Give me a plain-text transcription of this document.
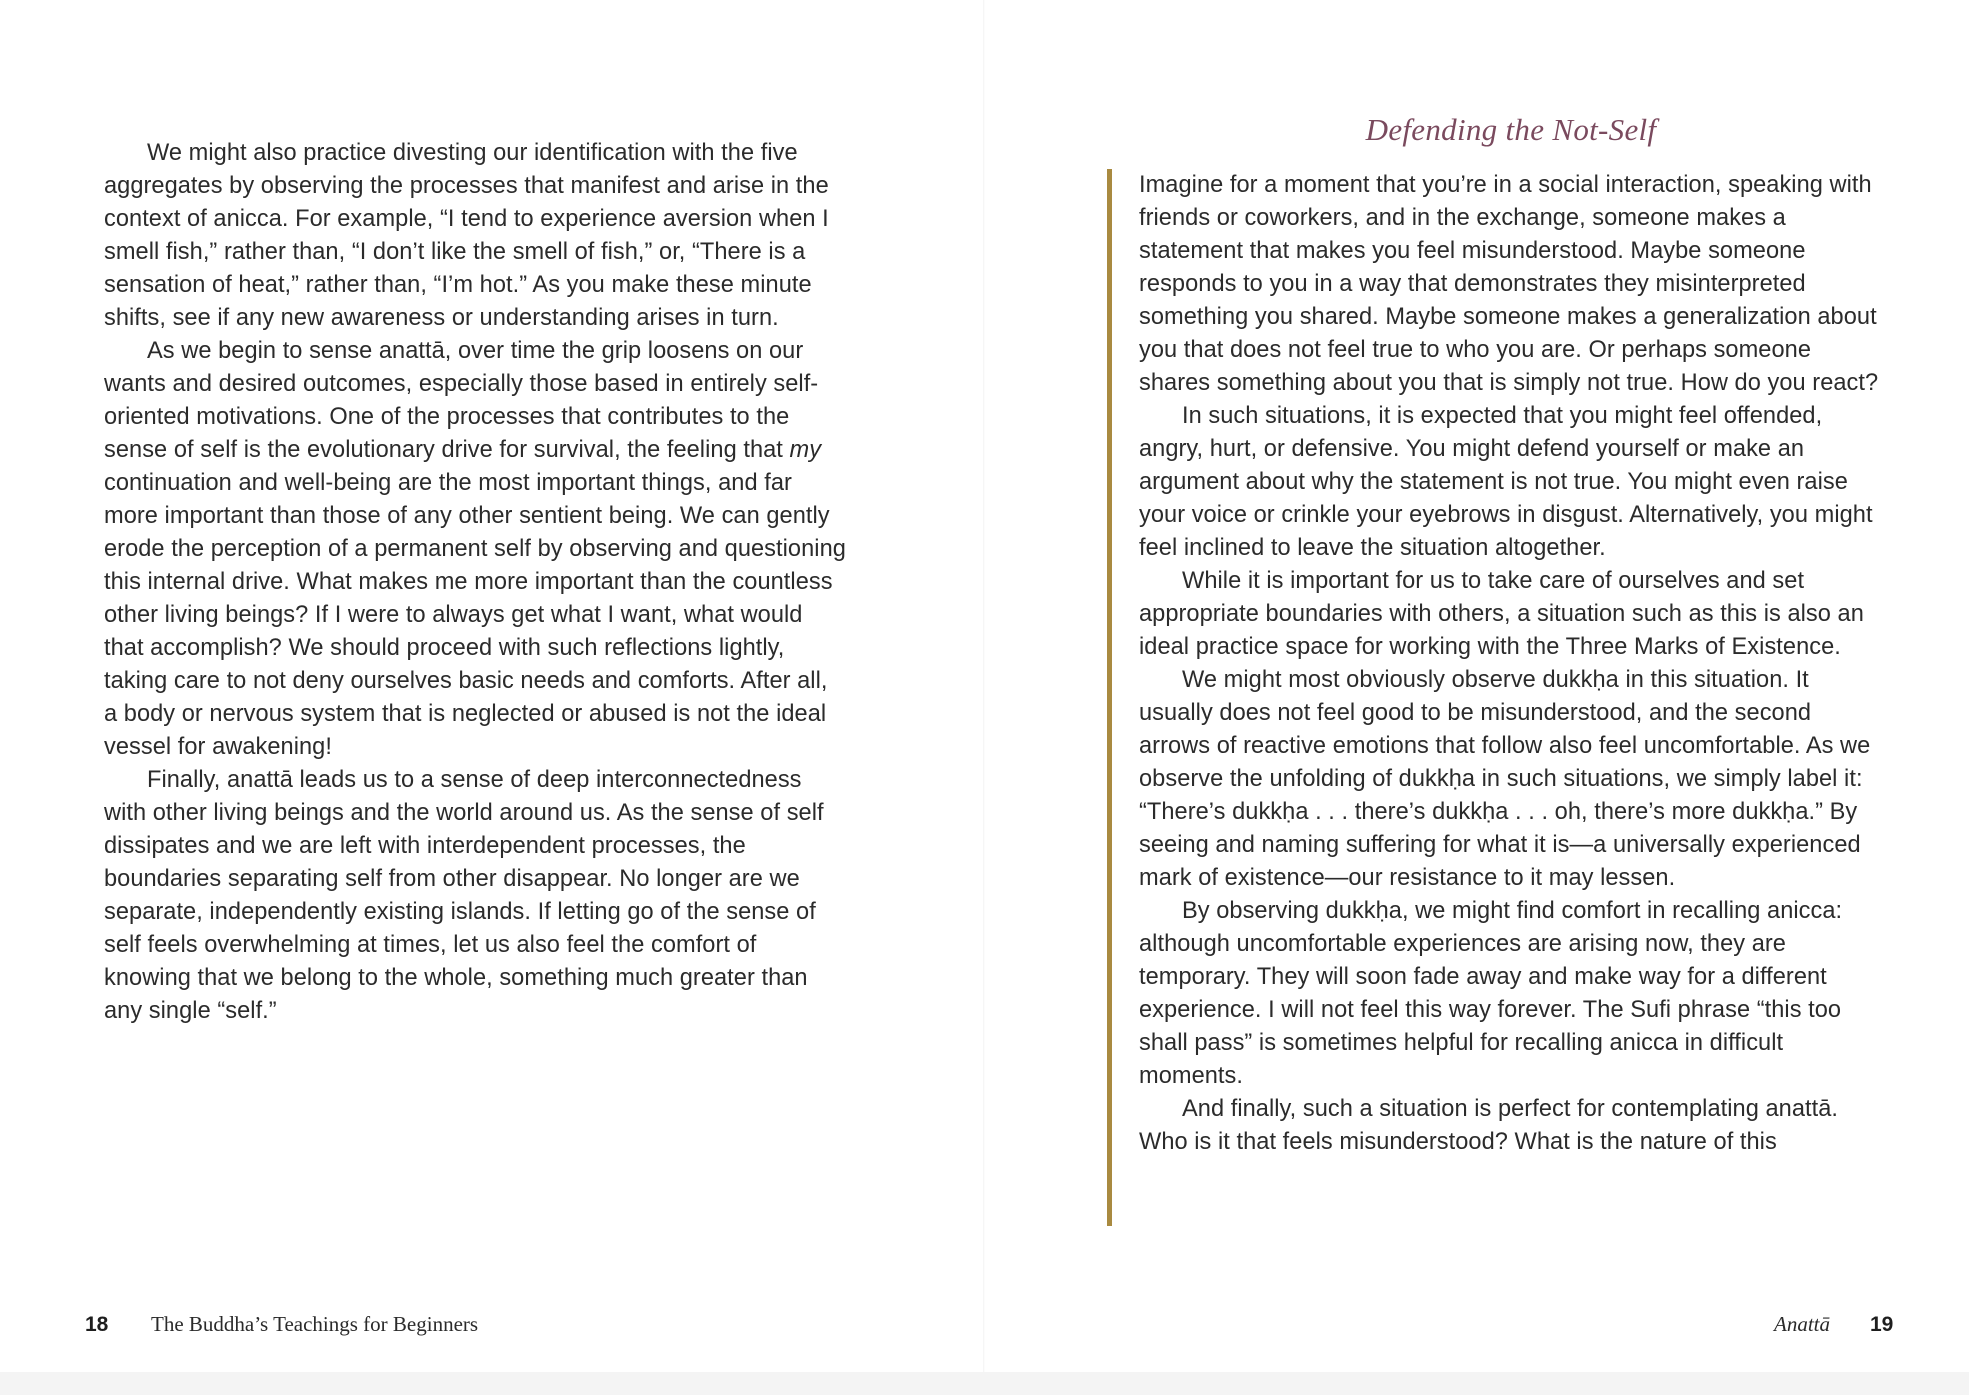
We might also practice divesting our identification with the five aggregates by observing the processes that manifest and arise in the context of anicca. For example, “I tend to experience aversion when I smell fish,” rather than, “I don’t like the smell of fish,” or, “There is a sensation of heat,” rather than, “I’m hot.” As you make these minute shifts, see if any new awareness or understanding arises in turn.

As we begin to sense anattā, over time the grip loosens on our wants and desired outcomes, especially those based in entirely self-oriented motivations. One of the processes that contributes to the sense of self is the evolutionary drive for survival, the feeling that my continuation and well-being are the most important things, and far more important than those of any other sentient being. We can gently erode the perception of a permanent self by observing and questioning this internal drive. What makes me more important than the countless other living beings? If I were to always get what I want, what would that accomplish? We should proceed with such reflections lightly, taking care to not deny ourselves basic needs and comforts. After all, a body or nervous system that is neglected or abused is not the ideal vessel for awakening!

Finally, anattā leads us to a sense of deep interconnectedness with other living beings and the world around us. As the sense of self dissipates and we are left with interdependent processes, the boundaries separating self from other disappear. No longer are we separate, independently existing islands. If letting go of the sense of self feels overwhelming at times, let us also feel the comfort of knowing that we belong to the whole, something much greater than any single “self.”

Defending the Not-Self

Imagine for a moment that you’re in a social interaction, speaking with friends or coworkers, and in the exchange, someone makes a statement that makes you feel misunderstood. Maybe someone responds to you in a way that demonstrates they misinterpreted something you shared. Maybe someone makes a generalization about you that does not feel true to who you are. Or perhaps someone shares something about you that is simply not true. How do you react?

In such situations, it is expected that you might feel offended, angry, hurt, or defensive. You might defend yourself or make an argument about why the statement is not true. You might even raise your voice or crinkle your eyebrows in disgust. Alternatively, you might feel inclined to leave the situation altogether.

While it is important for us to take care of ourselves and set appropriate boundaries with others, a situation such as this is also an ideal practice space for working with the Three Marks of Existence.

We might most obviously observe dukkḥa in this situation. It usually does not feel good to be misunderstood, and the second arrows of reactive emotions that follow also feel uncomfortable. As we observe the unfolding of dukkḥa in such situations, we simply label it: “There’s dukkḥa . . . there’s dukkḥa . . . oh, there’s more dukkḥa.” By seeing and naming suffering for what it is—a universally experienced mark of existence—our resistance to it may lessen.

By observing dukkḥa, we might find comfort in recalling anicca: although uncomfortable experiences are arising now, they are temporary. They will soon fade away and make way for a different experience. I will not feel this way forever. The Sufi phrase “this too shall pass” is sometimes helpful for recalling anicca in difficult moments.

And finally, such a situation is perfect for contemplating anattā. Who is it that feels misunderstood? What is the nature of this

18 The Buddha’s Teachings for Beginners	Anattā 19
